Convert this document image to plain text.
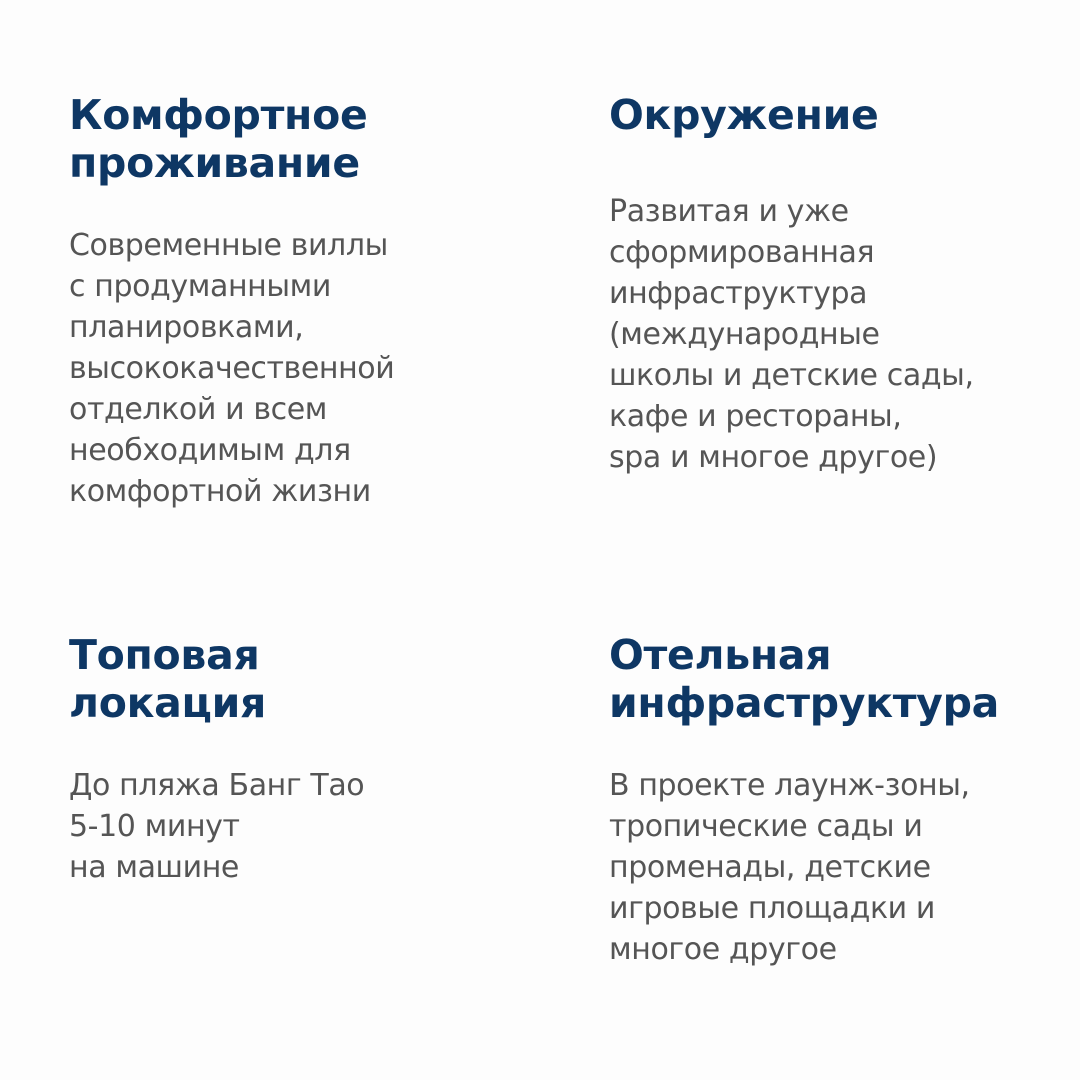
Комфортное
проживание
Современные виллы
с продуманными
планировками,
высококачественной
отделкой и всем
необходимым для
комфортной жизни
Окружение
Развитая и уже
сформированная
инфраструктура
(международные
школы и детские сады,
кафе и рестораны,
spa и многое другое)
Топовая
локация
До пляжа Банг Тао
5-10 минут
на машине
Отельная
инфраструктура
В проекте лаунж-зоны,
тропические сады и
променады, детские
игровые площадки и
многое другое
